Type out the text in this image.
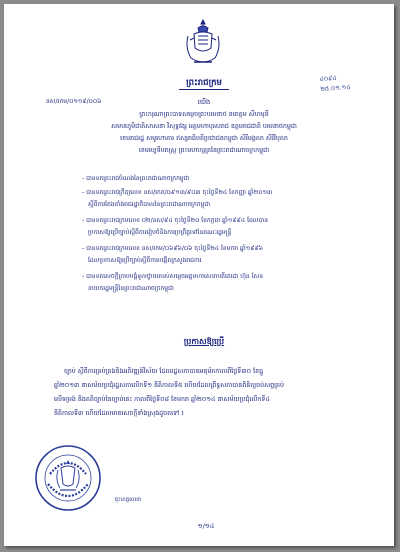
៤០៩៤
២៥.០១.១៤
ព្រះរាជក្រម
នស/រកម/០១១៩/០០៦	យើង
ព្រះករុណាព្រះបាទសម្ដេចព្រះបរមនាថ នរោត្ដម សីហមុនី
សមានភូមិជាតិសាសនា វិសុទ្ធវង្ស អគ្គមហាបុរសរាជ ឧត្ដមរាជជាតិ បរមនាថកម្ពុជា
ខេមរាជរដ្ឋ សមូហោគារ ឥស្សរាធិបតីប្រជាជនកម្ពុជា សិរីមង្គលា សិរីវិបុលា
ខេមរប្បទីបរាស្ដ្រ ព្រះមហាក្សត្រនៃព្រះរាជាណាចក្រកម្ពុជា
- បានទតព្រះរាជបំណងនៃព្រះរាជាណាចក្រកម្ពុជា
- បានទតព្រះរាជក្រឹត្យលេខ នស/រកត/០៩១៣/៩០៣ ចុះថ្ងៃទី២៤ ខែកញ្ញា ឆ្នាំ២០១៣
ស្ដីពីការតែងតាំងរាជរដ្ឋាភិបាលនៃព្រះរាជាណាចក្រកម្ពុជា
- បានទតព្រះរាជក្រមលេខ ០២/នស/៩៤ ចុះថ្ងៃទី២០ ខែកក្កដា ឆ្នាំ១៩៩៤ ដែលបាន
ប្រកាសឱ្យប្រើច្បាប់ស្ដីពីការរៀបចំនិងការប្រព្រឹត្តទៅនៃគណៈរដ្ឋមន្ដ្រី
- បានទតព្រះរាជក្រមលេខ នស/រកម/០៦៩៦/០៦ ចុះថ្ងៃទី២៤ ខែមករា ឆ្នាំ១៩៩៦
ដែលប្រកាសឱ្យប្រើច្បាប់ស្ដីពីការបង្កើតក្រសួងរាជការ
- បានទតសេចក្ដីក្រាបបង្គំទូលថ្វាយរបស់សម្ដេចអគ្គមហាសេនាបតីតេជោ ហ៊ុន សែន
នាយករដ្ឋមន្ដ្រីនៃព្រះរាជាណាចក្រកម្ពុជា
ប្រកាសឱ្យប្រើ
ច្បាប់ ស្ដីពីការគ្រប់គ្រងនិងអភិវឌ្ឍន៍វិស័យ ដែលរដ្ឋសភាបានអនុម័តកាលពីថ្ងៃទី៣០ ខែធ្នូ
ឆ្នាំ២០១៣ នាសម័យប្រជុំរដ្ឋសភាលើកទី១ នីតិកាលទី៥ ហើយដែលព្រឹទ្ធសភាបានពិនិត្យចប់សព្វគ្រប់
លើទម្រង់ និងគតិច្បាប់នៃច្បាប់នេះ កាលពីថ្ងៃទី០៨ ខែមករា ឆ្នាំ២០១៤ នាសម័យប្រជុំលើកទី៤
នីតិកាលទី៣ ហើយដែលមានសេចក្ដីទាំងស្រុងដូចតទៅ ៖
ចុះហត្ថលេខា
១/១៤
